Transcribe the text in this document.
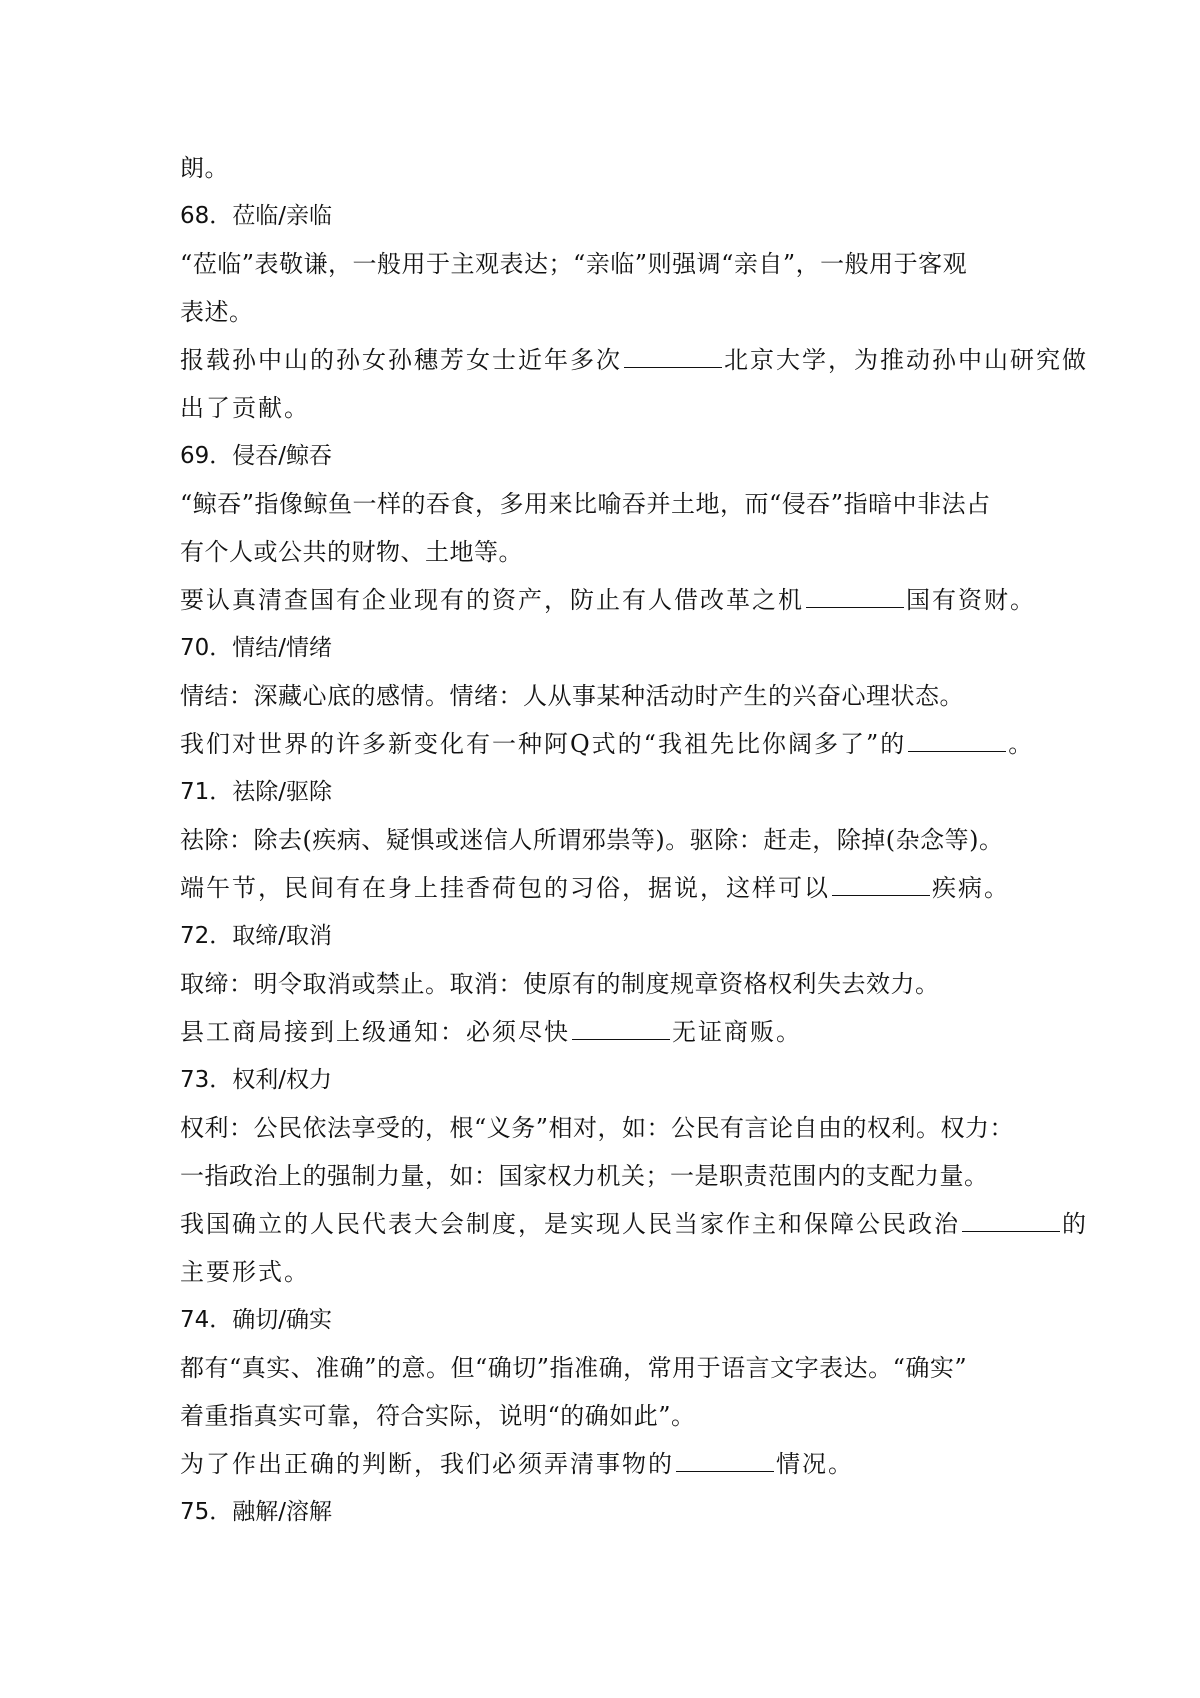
朗。
68．莅临/亲临
“莅临”表敬谦，一般用于主观表达；“亲临”则强调“亲自”，一般用于客观
表述。
报载孙中山的孙女孙穗芳女士近年多次	北京大学，为推动孙中山研究做
出了贡献。
69．侵吞/鲸吞
“鲸吞”指像鲸鱼一样的吞食，多用来比喻吞并土地，而“侵吞”指暗中非法占
有个人或公共的财物、土地等。
要认真清查国有企业现有的资产，防止有人借改革之机	国有资财。
70．情结/情绪
情结：深藏心底的感情。情绪：人从事某种活动时产生的兴奋心理状态。
我们对世界的许多新变化有一种阿Q式的“我祖先比你阔多了”的	。
71．祛除/驱除
祛除：除去(疾病、疑惧或迷信人所谓邪祟等)。驱除：赶走，除掉(杂念等)。
端午节，民间有在身上挂香荷包的习俗，据说，这样可以	疾病。
72．取缔/取消
取缔：明令取消或禁止。取消：使原有的制度规章资格权利失去效力。
县工商局接到上级通知：必须尽快	无证商贩。
73．权利/权力
权利：公民依法享受的，根“义务”相对，如：公民有言论自由的权利。权力：
一指政治上的强制力量，如：国家权力机关；一是职责范围内的支配力量。
我国确立的人民代表大会制度，是实现人民当家作主和保障公民政治	的
主要形式。
74．确切/确实
都有“真实、准确”的意。但“确切”指准确，常用于语言文字表达。“确实”
着重指真实可靠，符合实际，说明“的确如此”。
为了作出正确的判断，我们必须弄清事物的	情况。
75．融解/溶解
